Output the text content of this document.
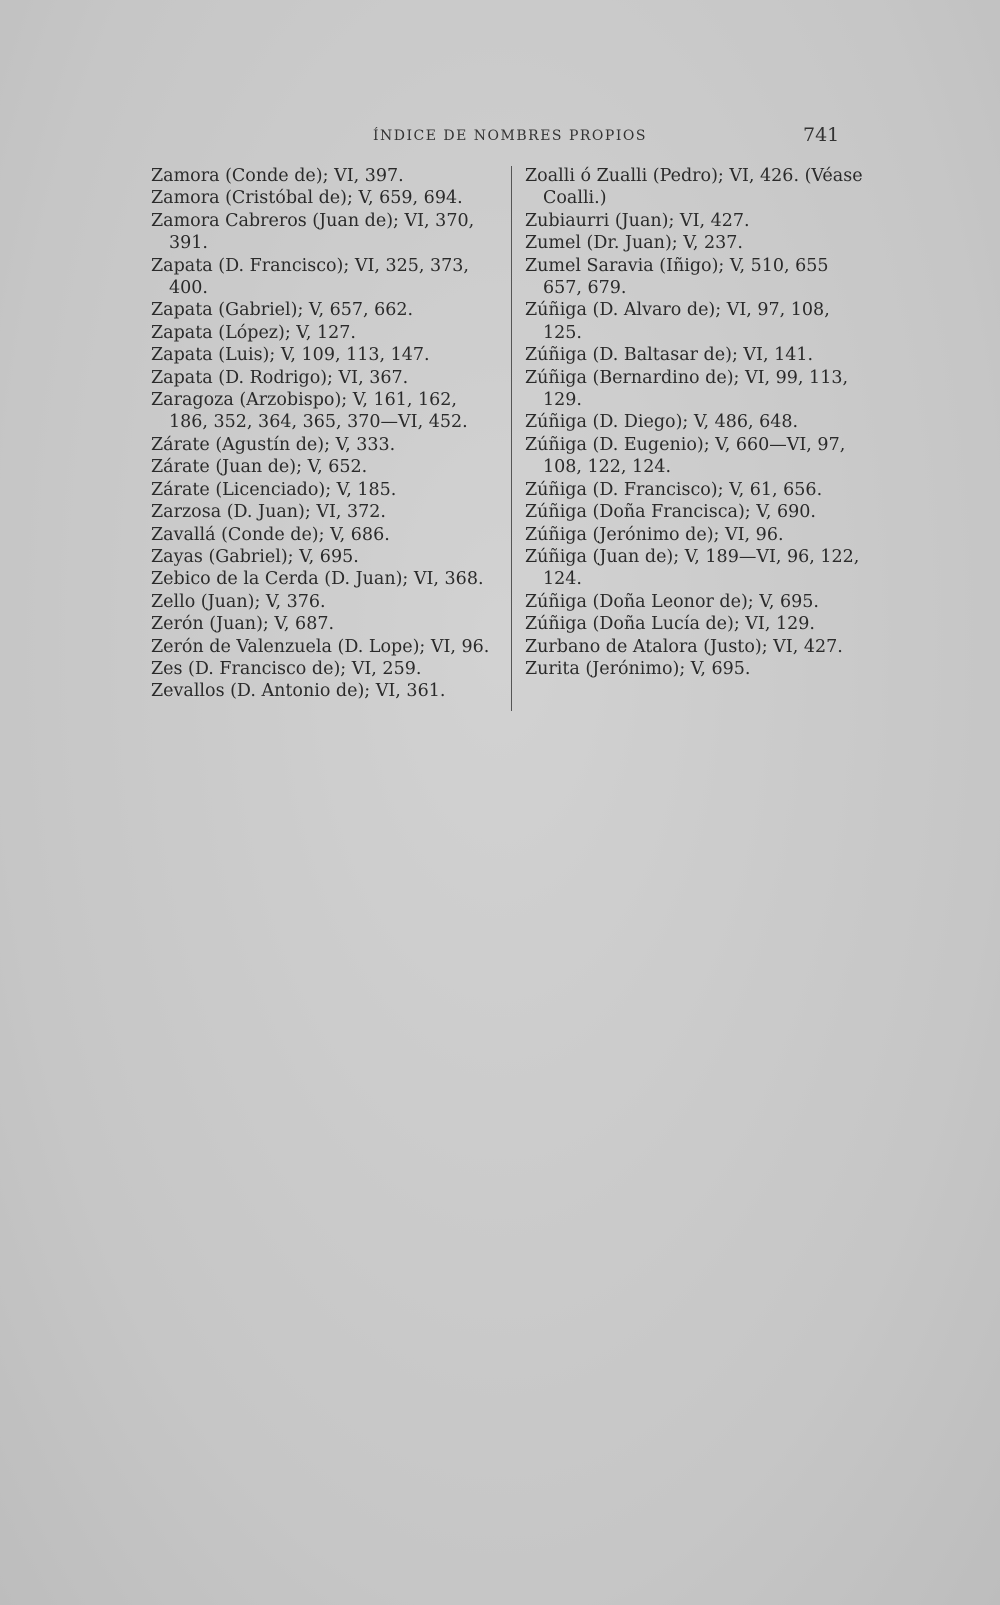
ÍNDICE DE NOMBRES PROPIOS	741

Zamora (Conde de); VI, 397.

Zamora (Cristóbal de); V, 659, 694.

Zamora Cabreros (Juan de); VI, 370, 391.

Zapata (D. Francisco); VI, 325, 373, 400.

Zapata (Gabriel); V, 657, 662.

Zapata (López); V, 127.

Zapata (Luis); V, 109, 113, 147.

Zapata (D. Rodrigo); VI, 367.

Zaragoza (Arzobispo); V, 161, 162, 186, 352, 364, 365, 370—VI, 452.

Zárate (Agustín de); V, 333.

Zárate (Juan de); V, 652.

Zárate (Licenciado); V, 185.

Zarzosa (D. Juan); VI, 372.

Zavallá (Conde de); V, 686.

Zayas (Gabriel); V, 695.

Zebico de la Cerda (D. Juan); VI, 368.

Zello (Juan); V, 376.

Zerón (Juan); V, 687.

Zerón de Valenzuela (D. Lope); VI, 96.

Zes (D. Francisco de); VI, 259.

Zevallos (D. Antonio de); VI, 361.

Zoalli ó Zualli (Pedro); VI, 426. (Véase Coalli.)

Zubiaurri (Juan); VI, 427.

Zumel (Dr. Juan); V, 237.

Zumel Saravia (Iñigo); V, 510, 655 657, 679.

Zúñiga (D. Alvaro de); VI, 97, 108, 125.

Zúñiga (D. Baltasar de); VI, 141.

Zúñiga (Bernardino de); VI, 99, 113, 129.

Zúñiga (D. Diego); V, 486, 648.

Zúñiga (D. Eugenio); V, 660—VI, 97, 108, 122, 124.

Zúñiga (D. Francisco); V, 61, 656.

Zúñiga (Doña Francisca); V, 690.

Zúñiga (Jerónimo de); VI, 96.

Zúñiga (Juan de); V, 189—VI, 96, 122, 124.

Zúñiga (Doña Leonor de); V, 695.

Zúñiga (Doña Lucía de); VI, 129.

Zurbano de Atalora (Justo); VI, 427.

Zurita (Jerónimo); V, 695.
